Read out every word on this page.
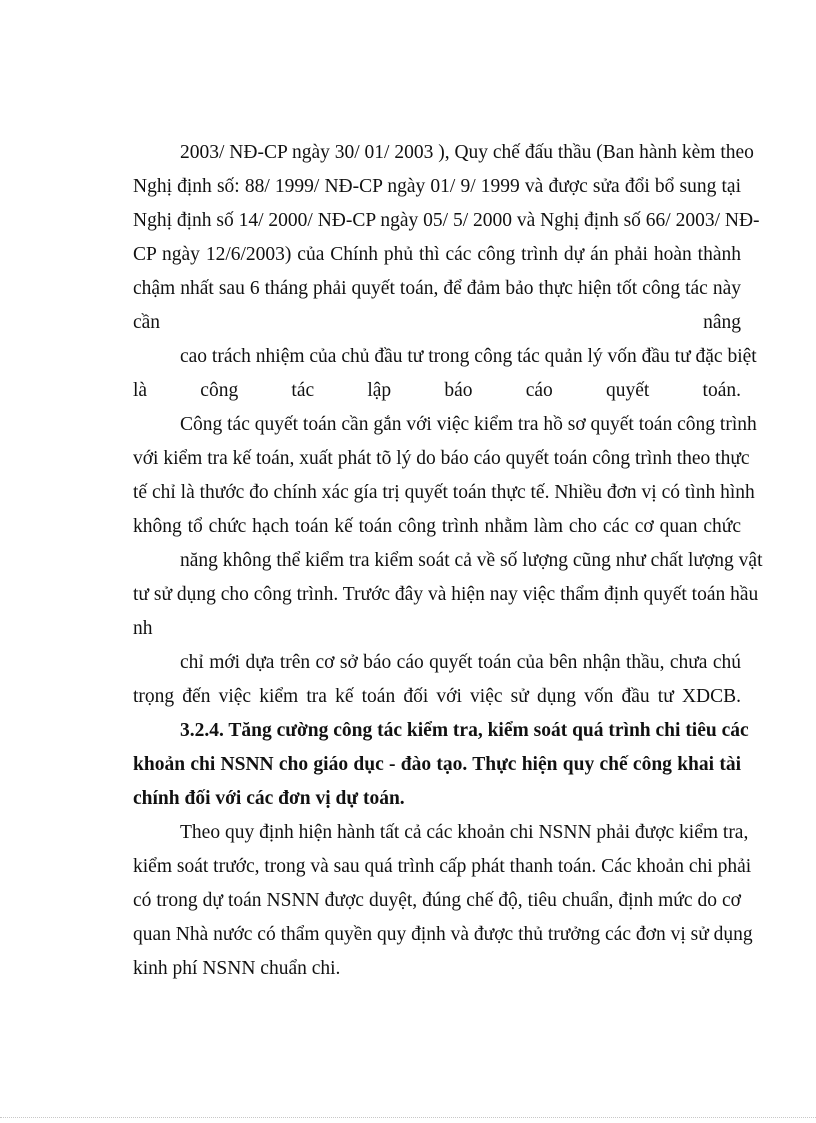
2003/ NĐ-CP ngày 30/ 01/ 2003 ), Quy chế đấu thầu (Ban hành kèm theo
Nghị định số: 88/ 1999/ NĐ-CP ngày 01/ 9/ 1999 và được sửa đổi bổ sung tại
Nghị định số 14/ 2000/ NĐ-CP ngày 05/ 5/ 2000 và Nghị định số 66/ 2003/ NĐ-
CP ngày 12/6/2003) của Chính phủ thì các công trình dự án phải hoàn thành
chậm nhất sau 6 tháng phải quyết toán, để đảm bảo thực hiện tốt công tác này
cần nâng
cao trách nhiệm của chủ đầu tư trong công tác quản lý vốn đầu tư đặc biệt
là công tác lập báo cáo quyết toán.
Công tác quyết toán cần gắn với việc kiểm tra hồ sơ quyết toán công trình
với kiểm tra kế toán, xuất phát tõ lý do báo cáo quyết toán công trình theo thực
tế chỉ là thước đo chính xác gía trị quyết toán thực tế. Nhiều đơn vị có tình hình
không tổ chức hạch toán kế toán công trình nhằm làm cho các cơ quan chức
năng không thể kiểm tra kiểm soát cả về số lượng cũng như chất lượng vật
tư sử dụng cho công trình. Trước đây và hiện nay việc thẩm định quyết toán hầu
nh
chỉ mới dựa trên cơ sở báo cáo quyết toán của bên nhận thầu, chưa chú
trọng đến việc kiểm tra kế toán đối với việc sử dụng vốn đầu tư XDCB.
3.2.4. Tăng cường công tác kiểm tra, kiểm soát quá trình chi tiêu các
khoản chi NSNN cho giáo dục - đào tạo. Thực hiện quy chế công khai tài
chính đối với các đơn vị dự toán.
Theo quy định hiện hành tất cả các khoản chi NSNN phải được kiểm tra,
kiểm soát trước, trong và sau quá trình cấp phát thanh toán. Các khoản chi phải
có trong dự toán NSNN được duyệt, đúng chế độ, tiêu chuẩn, định mức do cơ
quan Nhà nước có thẩm quyền quy định và được thủ trưởng các đơn vị sử dụng
kinh phí NSNN chuẩn chi.
